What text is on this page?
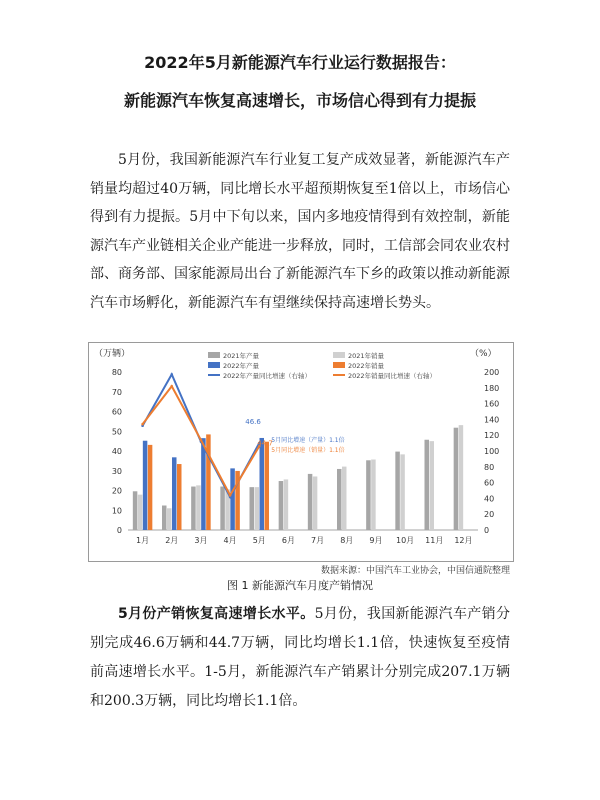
2022年5月新能源汽车行业运行数据报告：
新能源汽车恢复高速增长，市场信心得到有力提振

5月份，我国新能源汽车行业复工复产成效显著，新能源汽车产销量均超过40万辆，同比增长水平超预期恢复至1倍以上，市场信心得到有力提振。5月中下旬以来，国内多地疫情得到有效控制，新能源汽车产业链相关企业产能进一步释放，同时，工信部会同农业农村部、商务部、国家能源局出台了新能源汽车下乡的政策以推动新能源汽车市场孵化，新能源汽车有望继续保持高速增长势头。

0
10
20
30
40
50
60
70
80
0
20
40
60
80
100
120
140
160
180
200
（万辆）	（%）
1月 2月 3月 4月 5月 6月 7月 8月 9月 10月 11月 12月
46.6
44.7
5月同比增速（产量）1.1倍
5月同比增速（销量）1.1倍
2021年产量	2021年销量
2022年产量	2022年销量
2022年产量同比增速（右轴）	2022年销量同比增速（右轴）
数据来源：中国汽车工业协会，中国信通院整理
图 1 新能源汽车月度产销情况

5月份产销恢复高速增长水平。5月份，我国新能源汽车产销分别完成46.6万辆和44.7万辆，同比均增长1.1倍，快速恢复至疫情前高速增长水平。1-5月，新能源汽车产销累计分别完成207.1万辆和200.3万辆，同比均增长1.1倍。
